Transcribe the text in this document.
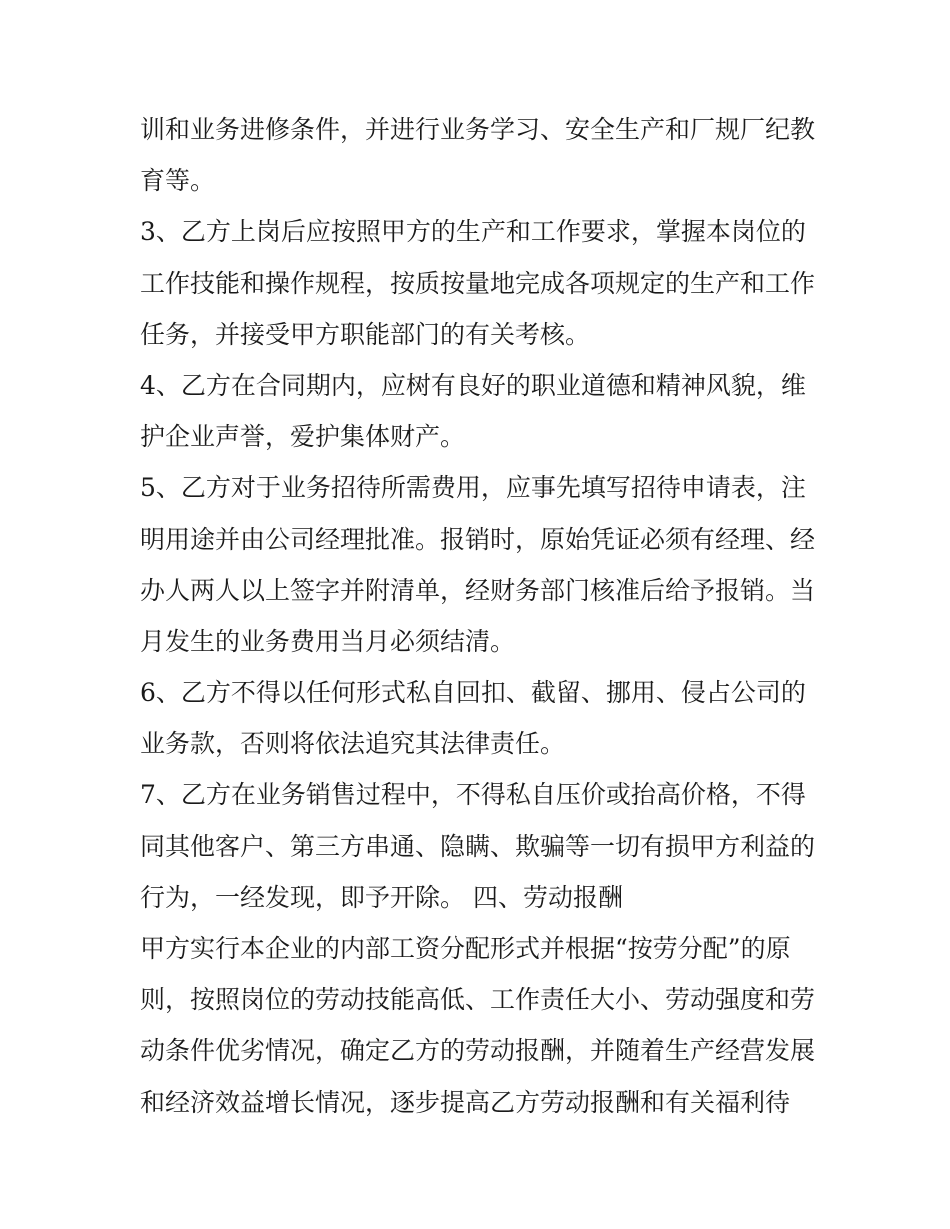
训和业务进修条件，并进行业务学习、安全生产和厂规厂纪教
育等。
3、乙方上岗后应按照甲方的生产和工作要求，掌握本岗位的
工作技能和操作规程，按质按量地完成各项规定的生产和工作
任务，并接受甲方职能部门的有关考核。
4、乙方在合同期内，应树有良好的职业道德和精神风貌，维
护企业声誉，爱护集体财产。
5、乙方对于业务招待所需费用，应事先填写招待申请表，注
明用途并由公司经理批准。报销时，原始凭证必须有经理、经
办人两人以上签字并附清单，经财务部门核准后给予报销。当
月发生的业务费用当月必须结清。
6、乙方不得以任何形式私自回扣、截留、挪用、侵占公司的
业务款，否则将依法追究其法律责任。
7、乙方在业务销售过程中，不得私自压价或抬高价格，不得
同其他客户、第三方串通、隐瞒、欺骗等一切有损甲方利益的
行为，一经发现，即予开除。 四、劳动报酬
甲方实行本企业的内部工资分配形式并根据“按劳分配”的原
则，按照岗位的劳动技能高低、工作责任大小、劳动强度和劳
动条件优劣情况，确定乙方的劳动报酬，并随着生产经营发展
和经济效益增长情况，逐步提高乙方劳动报酬和有关福利待
